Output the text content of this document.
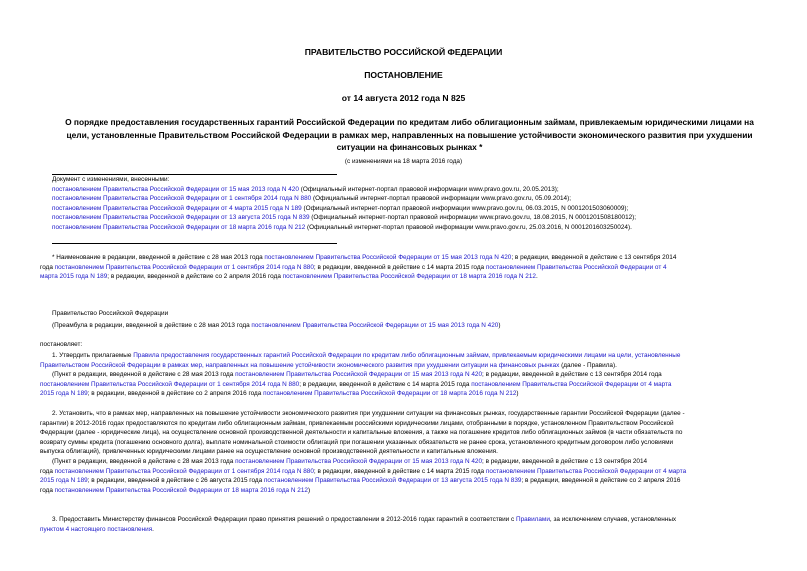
ПРАВИТЕЛЬСТВО РОССИЙСКОЙ ФЕДЕРАЦИИ
ПОСТАНОВЛЕНИЕ
от 14 августа 2012 года N 825
О порядке предоставления государственных гарантий Российской Федерации по кредитам либо облигационным займам, привлекаемым юридическими лицами на
цели, установленные Правительством Российской Федерации в рамках мер, направленных на повышение устойчивости экономического развития при ухудшении
ситуации на финансовых рынках *
(с изменениями на 18 марта 2016 года)
Документ с изменениями, внесенными:
постановлением Правительства Российской Федерации от 15 мая 2013 года N 420 (Официальный интернет-портал правовой информации www.pravo.gov.ru, 20.05.2013);
постановлением Правительства Российской Федерации от 1 сентября 2014 года N 880 (Официальный интернет-портал правовой информации www.pravo.gov.ru, 05.09.2014);
постановлением Правительства Российской Федерации от 4 марта 2015 года N 189 (Официальный интернет-портал правовой информации www.pravo.gov.ru, 06.03.2015, N 0001201503060009);
постановлением Правительства Российской Федерации от 13 августа 2015 года N 839 (Официальный интернет-портал правовой информации www.pravo.gov.ru, 18.08.2015, N 0001201508180012);
постановлением Правительства Российской Федерации от 18 марта 2016 года N 212 (Официальный интернет-портал правовой информации www.pravo.gov.ru, 25.03.2016, N 0001201603250024).
* Наименование в редакции, введенной в действие с 28 мая 2013 года постановлением Правительства Российской Федерации от 15 мая 2013 года N 420; в редакции, введенной в действие с 13 сентября 2014
года постановлением Правительства Российской Федерации от 1 сентября 2014 года N 880; в редакции, введенной в действие с 14 марта 2015 года постановлением Правительства Российской Федерации от 4
марта 2015 года N 189; в редакции, введенной в действие со 2 апреля 2016 года постановлением Правительства Российской Федерации от 18 марта 2016 года N 212.
Правительство Российской Федерации
(Преамбула в редакции, введенной в действие с 28 мая 2013 года постановлением Правительства Российской Федерации от 15 мая 2013 года N 420)
постановляет:
1. Утвердить прилагаемые Правила предоставления государственных гарантий Российской Федерации по кредитам либо облигационным займам, привлекаемым юридическими лицами на цели, установленные
Правительством Российской Федерации в рамках мер, направленных на повышение устойчивости экономического развития при ухудшении ситуации на финансовых рынках (далее - Правила).
(Пункт в редакции, введенной в действие с 28 мая 2013 года постановлением Правительства Российской Федерации от 15 мая 2013 года N 420; в редакции, введенной в действие с 13 сентября 2014 года
постановлением Правительства Российской Федерации от 1 сентября 2014 года N 880; в редакции, введенной в действие с 14 марта 2015 года постановлением Правительства Российской Федерации от 4 марта
2015 года N 189; в редакции, введенной в действие со 2 апреля 2016 года постановлением Правительства Российской Федерации от 18 марта 2016 года N 212)
2. Установить, что в рамках мер, направленных на повышение устойчивости экономического развития при ухудшении ситуации на финансовых рынках, государственные гарантии Российской Федерации (далее -
гарантии) в 2012-2016 годах предоставляются по кредитам либо облигационным займам, привлекаемым российскими юридическими лицами, отобранными в порядке, установленном Правительством Российской
Федерации (далее - юридические лица), на осуществление основной производственной деятельности и капитальные вложения, а также на погашение кредитов либо облигационных займов (в части обязательств по
возврату суммы кредита (погашению основного долга), выплате номинальной стоимости облигаций при погашении указанных обязательств не ранее срока, установленного кредитным договором либо условиями
выпуска облигаций), привлеченных юридическими лицами ранее на осуществление основной производственной деятельности и капитальные вложения.
(Пункт в редакции, введенной в действие с 28 мая 2013 года постановлением Правительства Российской Федерации от 15 мая 2013 года N 420; в редакции, введенной в действие с 13 сентября 2014
года постановлением Правительства Российской Федерации от 1 сентября 2014 года N 880; в редакции, введенной в действие с 14 марта 2015 года постановлением Правительства Российской Федерации от 4 марта
2015 года N 189; в редакции, введенной в действие с 26 августа 2015 года постановлением Правительства Российской Федерации от 13 августа 2015 года N 839; в редакции, введенной в действие со 2 апреля 2016
года постановлением Правительства Российской Федерации от 18 марта 2016 года N 212)
3. Предоставить Министерству финансов Российской Федерации право принятия решений о предоставлении в 2012-2016 годах гарантий в соответствии с Правилами, за исключением случаев, установленных
пунктом 4 настоящего постановления.
